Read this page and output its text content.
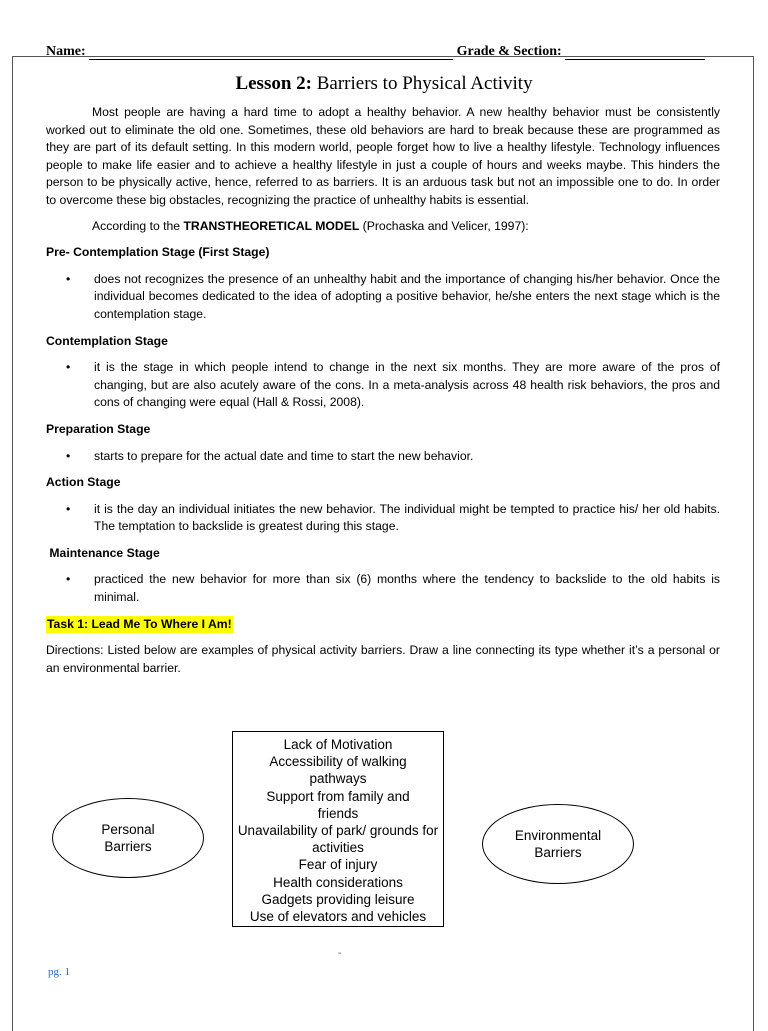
Name:	Grade & Section:
Lesson 2: Barriers to Physical Activity

Most people are having a hard time to adopt a healthy behavior. A new healthy behavior must be consistently worked out to eliminate the old one. Sometimes, these old behaviors are hard to break because these are programmed as they are part of its default setting. In this modern world, people forget how to live a healthy lifestyle. Technology influences people to make life easier and to achieve a healthy lifestyle in just a couple of hours and weeks maybe. This hinders the person to be physically active, hence, referred to as barriers. It is an arduous task but not an impossible one to do. In order to overcome these big obstacles, recognizing the practice of unhealthy habits is essential.

According to the TRANSTHEORETICAL MODEL (Prochaska and Velicer, 1997):

Pre- Contemplation Stage (First Stage)
•	does not recognizes the presence of an unhealthy habit and the importance of changing his/her behavior. Once the individual becomes dedicated to the idea of adopting a positive behavior, he/she enters the next stage which is the contemplation stage.
Contemplation Stage
•	it is the stage in which people intend to change in the next six months. They are more aware of the pros of changing, but are also acutely aware of the cons. In a meta-analysis across 48 health risk behaviors, the pros and cons of changing were equal (Hall & Rossi, 2008).
Preparation Stage
•	starts to prepare for the actual date and time to start the new behavior.
Action Stage
•	it is the day an individual initiates the new behavior. The individual might be tempted to practice his/ her old habits. The temptation to backslide is greatest during this stage.
Maintenance Stage
•	practiced the new behavior for more than six (6) months where the tendency to backslide to the old habits is minimal.
Task 1: Lead Me To Where I Am!

Directions: Listed below are examples of physical activity barriers. Draw a line connecting its type whether it’s a personal or an environmental barrier.

Personal Barriers
Lack of Motivation
Accessibility of walking pathways
Support from family and friends
Unavailability of park/ grounds for activities
Fear of injury
Health considerations
Gadgets providing leisure
Use of elevators and vehicles
Environmental Barriers
-
pg. 1
